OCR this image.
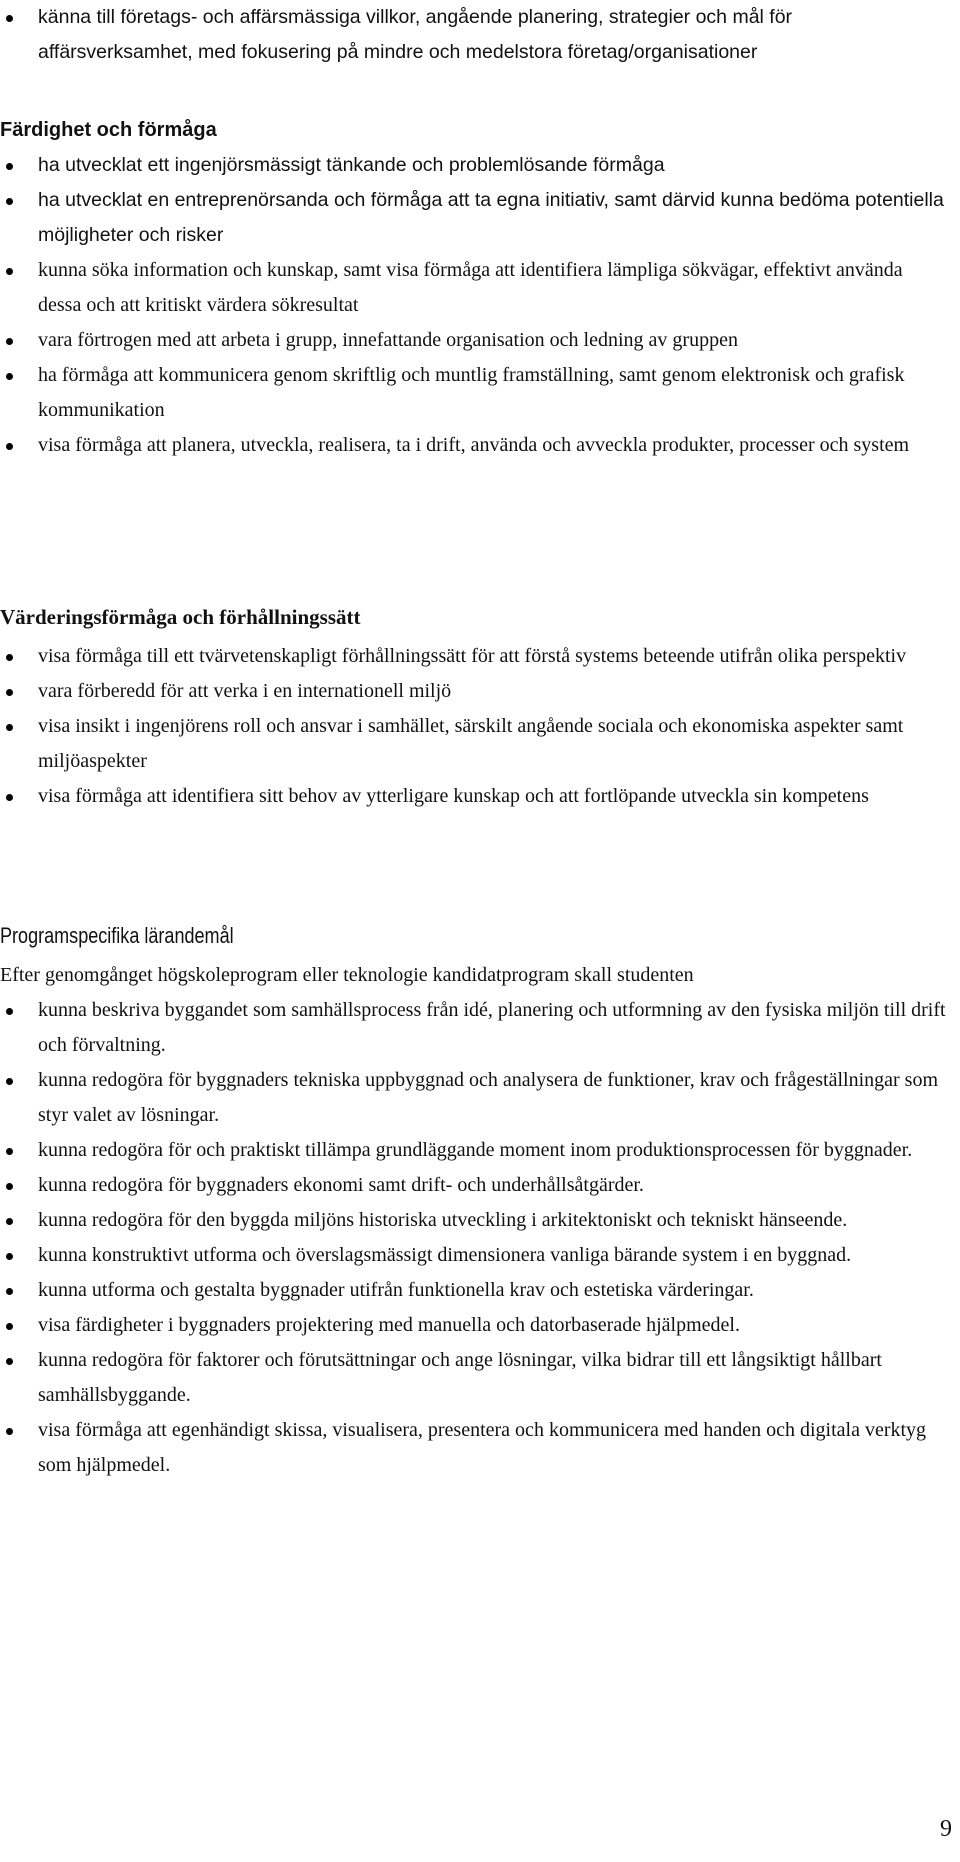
känna till företags- och affärsmässiga villkor, angående planering, strategier och mål för affärsverksamhet, med fokusering på mindre och medelstora företag/organisationer
Färdighet och förmåga
ha utvecklat ett ingenjörsmässigt tänkande och problemlösande förmåga
ha utvecklat en entreprenörsanda och förmåga att ta egna initiativ, samt därvid kunna bedöma potentiella möjligheter och risker
kunna söka information och kunskap, samt visa förmåga att identifiera lämpliga sökvägar, effektivt använda dessa och att kritiskt värdera sökresultat
vara förtrogen med att arbeta i grupp, innefattande organisation och ledning av gruppen
ha förmåga att kommunicera genom skriftlig och muntlig framställning, samt genom elektronisk och grafisk kommunikation
visa förmåga att planera, utveckla, realisera, ta i drift, använda och avveckla produkter, processer och system
Värderingsförmåga och förhållningssätt
visa förmåga till ett tvärvetenskapligt förhållningssätt för att förstå systems beteende utifrån olika perspektiv
vara förberedd för att verka i en internationell miljö
visa insikt i ingenjörens roll och ansvar i samhället, särskilt angående sociala och ekonomiska aspekter samt miljöaspekter
visa förmåga att identifiera sitt behov av ytterligare kunskap och att fortlöpande utveckla sin kompetens
Programspecifika lärandemål

Efter genomgånget högskoleprogram eller teknologie kandidatprogram skall studenten

kunna beskriva byggandet som samhällsprocess från idé, planering och utformning av den fysiska miljön till drift och förvaltning.
kunna redogöra för byggnaders tekniska uppbyggnad och analysera de funktioner, krav och frågeställningar som styr valet av lösningar.
kunna redogöra för och praktiskt tillämpa grundläggande moment inom produktionsprocessen för byggnader.
kunna redogöra för byggnaders ekonomi samt drift- och underhållsåtgärder.
kunna redogöra för den byggda miljöns historiska utveckling i arkitektoniskt och tekniskt hänseende.
kunna konstruktivt utforma och överslagsmässigt dimensionera vanliga bärande system i en byggnad.
kunna utforma och gestalta byggnader utifrån funktionella krav och estetiska värderingar.
visa färdigheter i byggnaders projektering med manuella och datorbaserade hjälpmedel.
kunna redogöra för faktorer och förutsättningar och ange lösningar, vilka bidrar till ett långsiktigt hållbart samhällsbyggande.
visa förmåga att egenhändigt skissa, visualisera, presentera och kommunicera med handen och digitala verktyg som hjälpmedel.
9
